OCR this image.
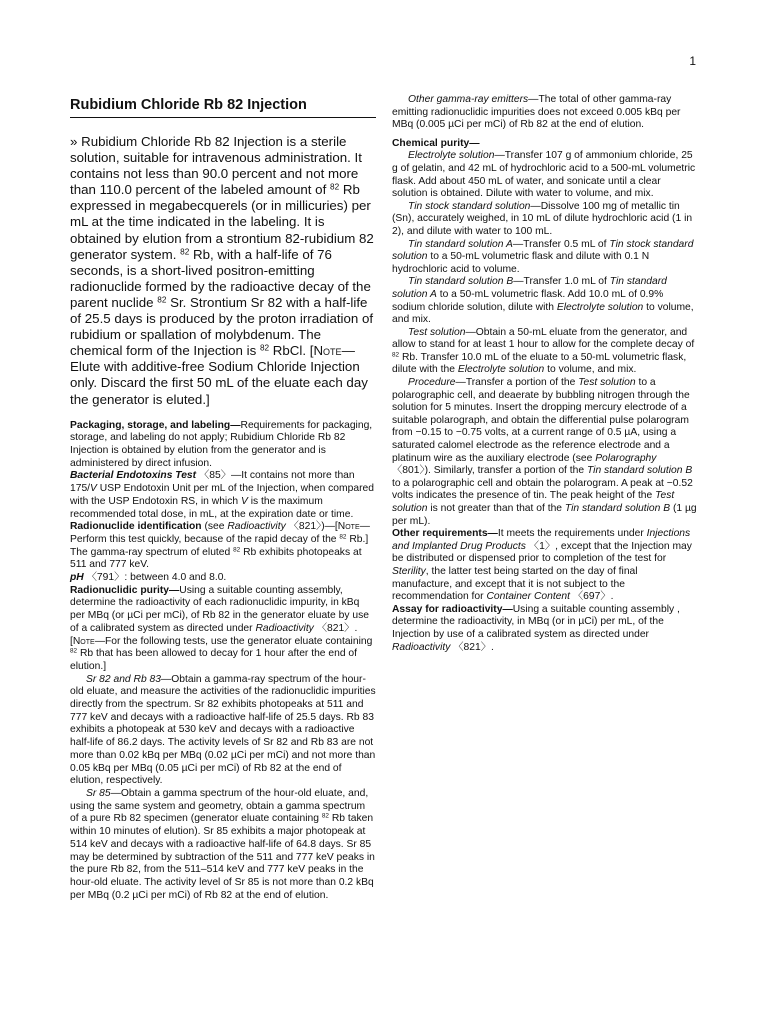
1
Rubidium Chloride Rb 82 Injection

» Rubidium Chloride Rb 82 Injection is a sterile solution, suitable for intravenous administration. It contains not less than 90.0 percent and not more than 110.0 percent of the labeled amount of $^{82}$ Rb expressed in megabecquerels (or in millicuries) per mL at the time indicated in the labeling. It is obtained by elution from a strontium 82-rubidium 82 generator system. $^{82}$ Rb, with a half-life of 76 seconds, is a short-lived positron-emitting radionuclide formed by the radioactive decay of the parent nuclide $^{82}$ Sr. Strontium Sr 82 with a half-life of 25.5 days is produced by the proton irradiation of rubidium or spallation of molybdenum. The chemical form of the Injection is $^{82}$ RbCl. [Note—Elute with additive-free Sodium Chloride Injection only. Discard the first 50 mL of the eluate each day the generator is eluted.]

Packaging, storage, and labeling—Requirements for packaging, storage, and labeling do not apply; Rubidium Chloride Rb 82 Injection is obtained by elution from the generator and is administered by direct infusion.

Bacterial Endotoxins Test 〈85〉—It contains not more than 175/V USP Endotoxin Unit per mL of the Injection, when compared with the USP Endotoxin RS, in which V is the maximum recommended total dose, in mL, at the expiration date or time.

Radionuclide identification (see Radioactivity 〈821〉)—[Note—Perform this test quickly, because of the rapid decay of the $^{82}$ Rb.] The gamma-ray spectrum of eluted $^{82}$ Rb exhibits photopeaks at 511 and 777 keV.

pH 〈791〉: between 4.0 and 8.0.

Radionuclidic purity—Using a suitable counting assembly, determine the radioactivity of each radionuclidic impurity, in kBq per MBq (or µCi per mCi), of Rb 82 in the generator eluate by use of a calibrated system as directed under Radioactivity 〈821〉. [Note—For the following tests, use the generator eluate containing $^{82}$ Rb that has been allowed to decay for 1 hour after the end of elution.]

Sr 82 and Rb 83—Obtain a gamma-ray spectrum of the hour-old eluate, and measure the activities of the radionuclidic impurities directly from the spectrum. Sr 82 exhibits photopeaks at 511 and 777 keV and decays with a radioactive half-life of 25.5 days. Rb 83 exhibits a photopeak at 530 keV and decays with a radioactive half-life of 86.2 days. The activity levels of Sr 82 and Rb 83 are not more than 0.02 kBq per MBq (0.02 µCi per mCi) and not more than 0.05 kBq per MBq (0.05 µCi per mCi) of Rb 82 at the end of elution, respectively.

Sr 85—Obtain a gamma spectrum of the hour-old eluate, and, using the same system and geometry, obtain a gamma spectrum of a pure Rb 82 specimen (generator eluate containing $^{82}$ Rb taken within 10 minutes of elution). Sr 85 exhibits a major photopeak at 514 keV and decays with a radioactive half-life of 64.8 days. Sr 85 may be determined by subtraction of the 511 and 777 keV peaks in the pure Rb 82, from the 511–514 keV and 777 keV peaks in the hour-old eluate. The activity level of Sr 85 is not more than 0.2 kBq per MBq (0.2 µCi per mCi) of Rb 82 at the end of elution.

Other gamma-ray emitters—The total of other gamma-ray emitting radionuclidic impurities does not exceed 0.005 kBq per MBq (0.005 µCi per mCi) of Rb 82 at the end of elution.

Chemical purity—

Electrolyte solution—Transfer 107 g of ammonium chloride, 25 g of gelatin, and 42 mL of hydrochloric acid to a 500-mL volumetric flask. Add about 450 mL of water, and sonicate until a clear solution is obtained. Dilute with water to volume, and mix.

Tin stock standard solution—Dissolve 100 mg of metallic tin (Sn), accurately weighed, in 10 mL of dilute hydrochloric acid (1 in 2), and dilute with water to 100 mL.

Tin standard solution A—Transfer 0.5 mL of Tin stock standard solution to a 50-mL volumetric flask and dilute with 0.1 N hydrochloric acid to volume.

Tin standard solution B—Transfer 1.0 mL of Tin standard solution A to a 50-mL volumetric flask. Add 10.0 mL of 0.9% sodium chloride solution, dilute with Electrolyte solution to volume, and mix.

Test solution—Obtain a 50-mL eluate from the generator, and allow to stand for at least 1 hour to allow for the complete decay of $^{82}$ Rb. Transfer 10.0 mL of the eluate to a 50-mL volumetric flask, dilute with the Electrolyte solution to volume, and mix.

Procedure—Transfer a portion of the Test solution to a polarographic cell, and deaerate by bubbling nitrogen through the solution for 5 minutes. Insert the dropping mercury electrode of a suitable polarograph, and obtain the differential pulse polarogram from −0.15 to −0.75 volts, at a current range of 0.5 µA, using a saturated calomel electrode as the reference electrode and a platinum wire as the auxiliary electrode (see Polarography 〈801〉). Similarly, transfer a portion of the Tin standard solution B to a polarographic cell and obtain the polarogram. A peak at −0.52 volts indicates the presence of tin. The peak height of the Test solution is not greater than that of the Tin standard solution B (1 µg per mL).

Other requirements—It meets the requirements under Injections and Implanted Drug Products 〈1〉, except that the Injection may be distributed or dispensed prior to completion of the test for Sterility, the latter test being started on the day of final manufacture, and except that it is not subject to the recommendation for Container Content 〈697〉.

Assay for radioactivity—Using a suitable counting assembly , determine the radioactivity, in MBq (or in µCi) per mL, of the Injection by use of a calibrated system as directed under Radioactivity 〈821〉.
